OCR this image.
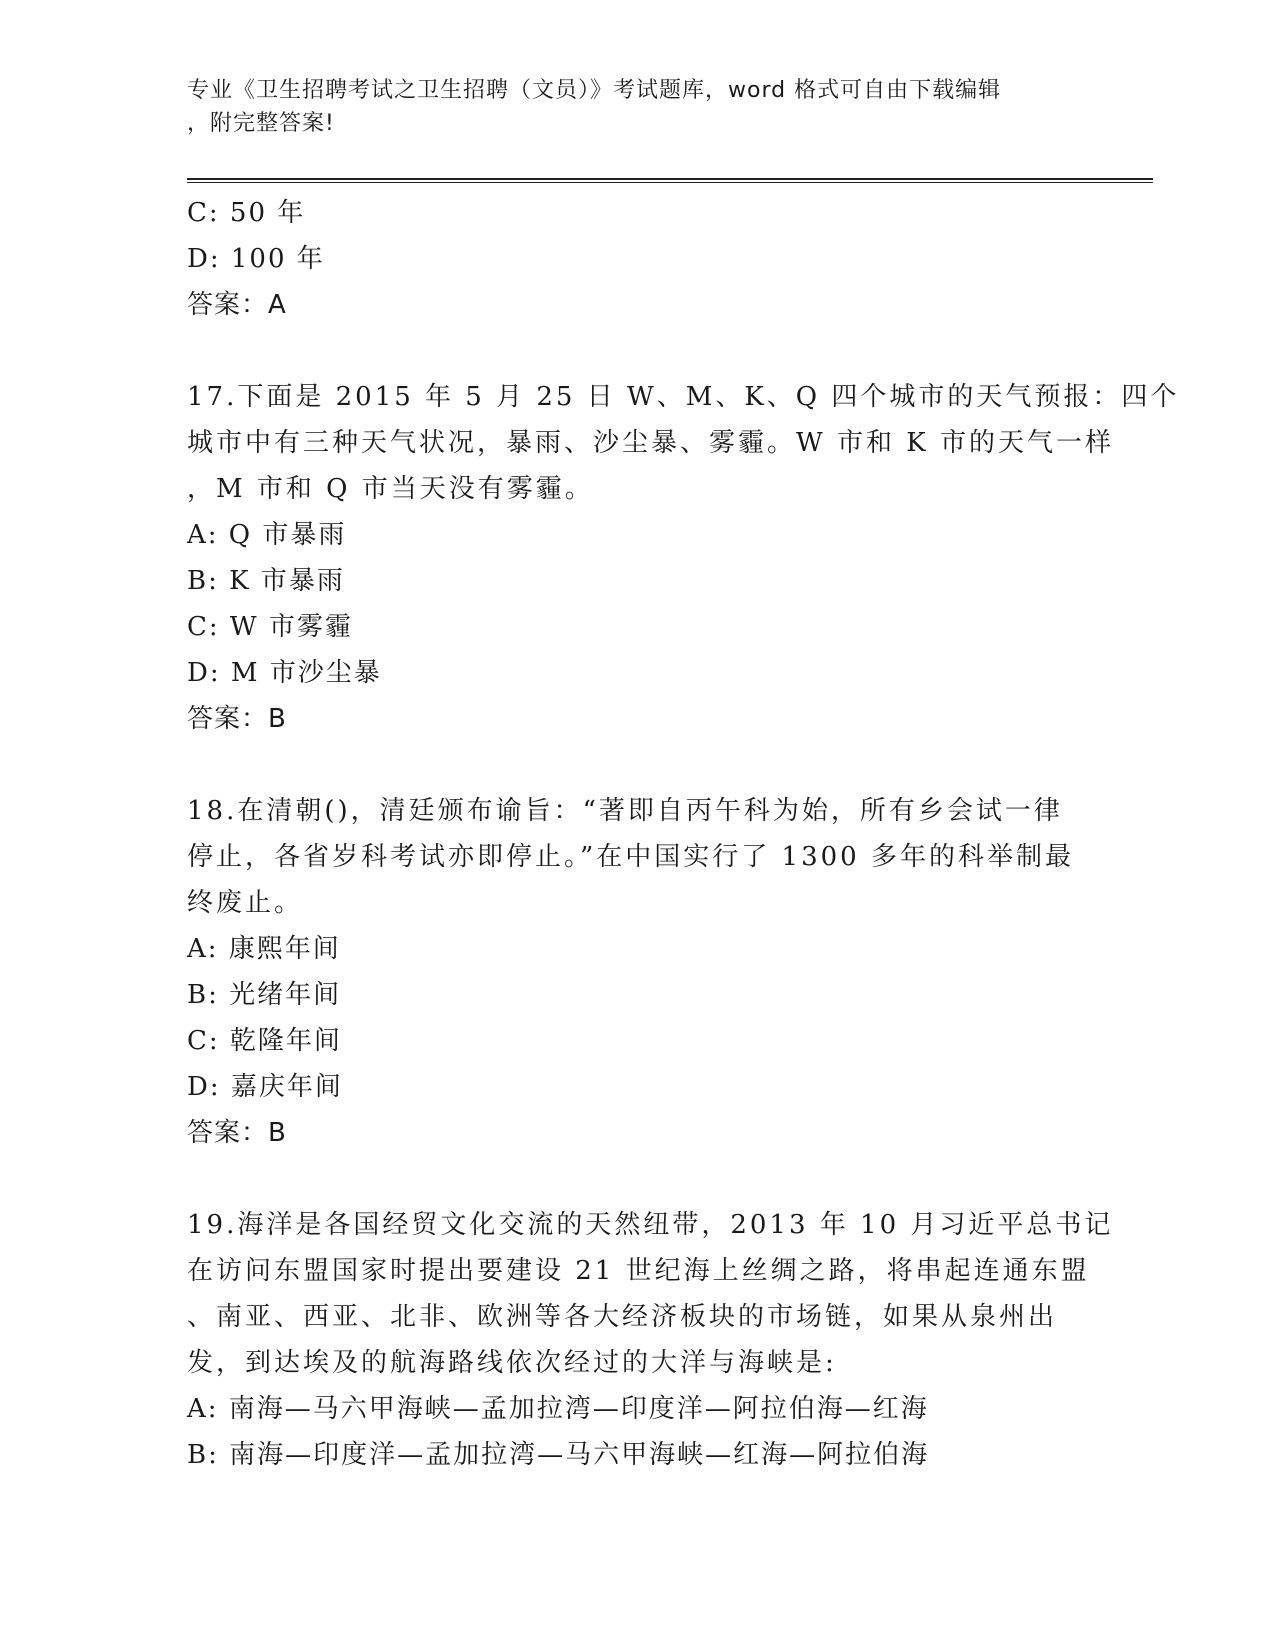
专业《卫生招聘考试之卫生招聘（文员）》考试题库，word 格式可自由下载编辑
，附完整答案!
C: 50 年
D: 100 年
答案：A
17.下面是 2015 年 5 月 25 日 W、M、K、Q 四个城市的天气预报：四个
城市中有三种天气状况，暴雨、沙尘暴、雾霾。W 市和 K 市的天气一样
，M 市和 Q 市当天没有雾霾。
A: Q 市暴雨
B: K 市暴雨
C: W 市雾霾
D: M 市沙尘暴
答案：B
18.在清朝()，清廷颁布谕旨：“著即自丙午科为始，所有乡会试一律
停止，各省岁科考试亦即停止。”在中国实行了 1300 多年的科举制最
终废止。
A: 康熙年间
B: 光绪年间
C: 乾隆年间
D: 嘉庆年间
答案：B
19.海洋是各国经贸文化交流的天然纽带，2013 年 10 月习近平总书记
在访问东盟国家时提出要建设 21 世纪海上丝绸之路，将串起连通东盟
、南亚、西亚、北非、欧洲等各大经济板块的市场链，如果从泉州出
发，到达埃及的航海路线依次经过的大洋与海峡是:
A: 南海—马六甲海峡—孟加拉湾—印度洋—阿拉伯海—红海
B: 南海—印度洋—孟加拉湾—马六甲海峡—红海—阿拉伯海
